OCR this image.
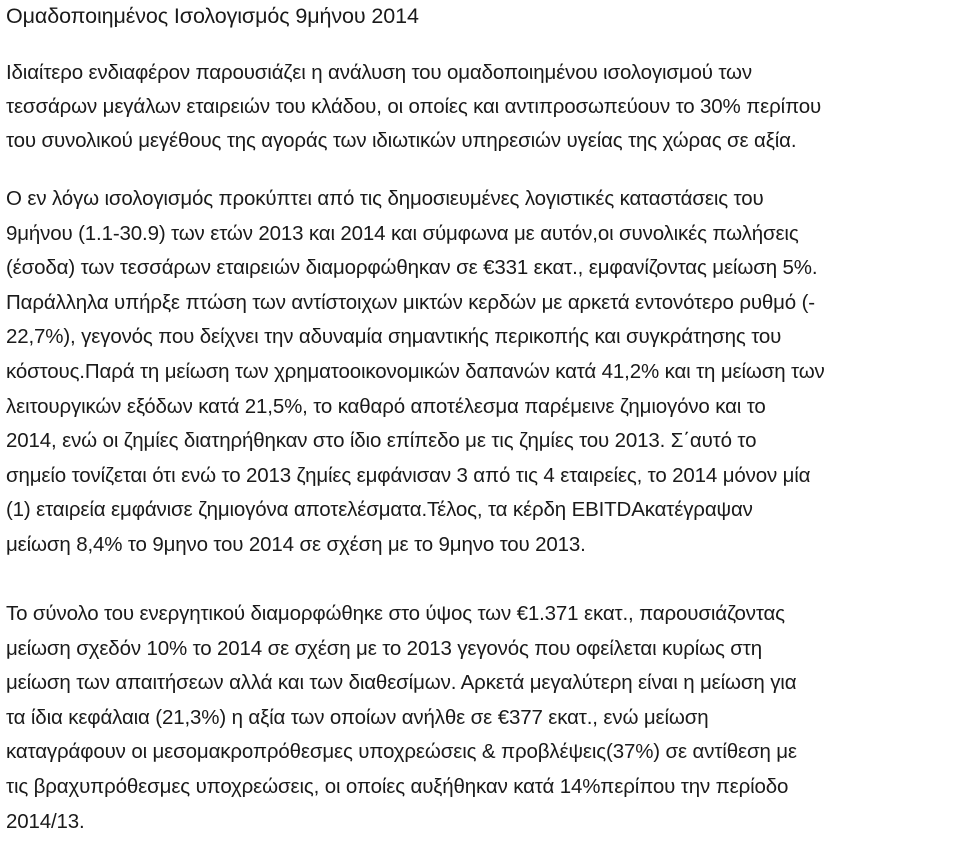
Ομαδοποιημένος Ισολογισμός 9μήνου 2014
Ιδιαίτερο ενδιαφέρον παρουσιάζει η ανάλυση του ομαδοποιημένου ισολογισμού των
τεσσάρων μεγάλων εταιρειών του κλάδου, οι οποίες και αντιπροσωπεύουν το 30% περίπου
του συνολικού μεγέθους της αγοράς των ιδιωτικών υπηρεσιών υγείας της χώρας σε αξία.
Ο εν λόγω ισολογισμός προκύπτει από τις δημοσιευμένες λογιστικές καταστάσεις του
9μήνου (1.1-30.9) των ετών 2013 και 2014 και σύμφωνα με αυτόν,οι συνολικές πωλήσεις
(έσοδα) των τεσσάρων εταιρειών διαμορφώθηκαν σε €331 εκατ., εμφανίζοντας μείωση 5%.
Παράλληλα υπήρξε πτώση των αντίστοιχων μικτών κερδών με αρκετά εντονότερο ρυθμό (-
22,7%), γεγονός που δείχνει την αδυναμία σημαντικής περικοπής και συγκράτησης του
κόστους.Παρά τη μείωση των χρηματοοικονομικών δαπανών κατά 41,2% και τη μείωση των
λειτουργικών εξόδων κατά 21,5%, το καθαρό αποτέλεσμα παρέμεινε ζημιογόνο και το
2014, ενώ οι ζημίες διατηρήθηκαν στο ίδιο επίπεδο με τις ζημίες του 2013. Σ΄αυτό το
σημείο τονίζεται ότι ενώ το 2013 ζημίες εμφάνισαν 3 από τις 4 εταιρείες, το 2014 μόνον μία
(1) εταιρεία εμφάνισε ζημιογόνα αποτελέσματα.Τέλος, τα κέρδη EBITDAκατέγραψαν
μείωση 8,4% το 9μηνο του 2014 σε σχέση με το 9μηνο του 2013.
Το σύνολο του ενεργητικού διαμορφώθηκε στο ύψος των €1.371 εκατ., παρουσιάζοντας
μείωση σχεδόν 10% το 2014 σε σχέση με το 2013 γεγονός που οφείλεται κυρίως στη
μείωση των απαιτήσεων αλλά και των διαθεσίμων. Αρκετά μεγαλύτερη είναι η μείωση για
τα ίδια κεφάλαια (21,3%) η αξία των οποίων ανήλθε σε €377 εκατ., ενώ μείωση
καταγράφουν οι μεσομακροπρόθεσμες υποχρεώσεις & προβλέψεις(37%) σε αντίθεση με
τις βραχυπρόθεσμες υποχρεώσεις, οι οποίες αυξήθηκαν κατά 14%περίπου την περίοδο
2014/13.
